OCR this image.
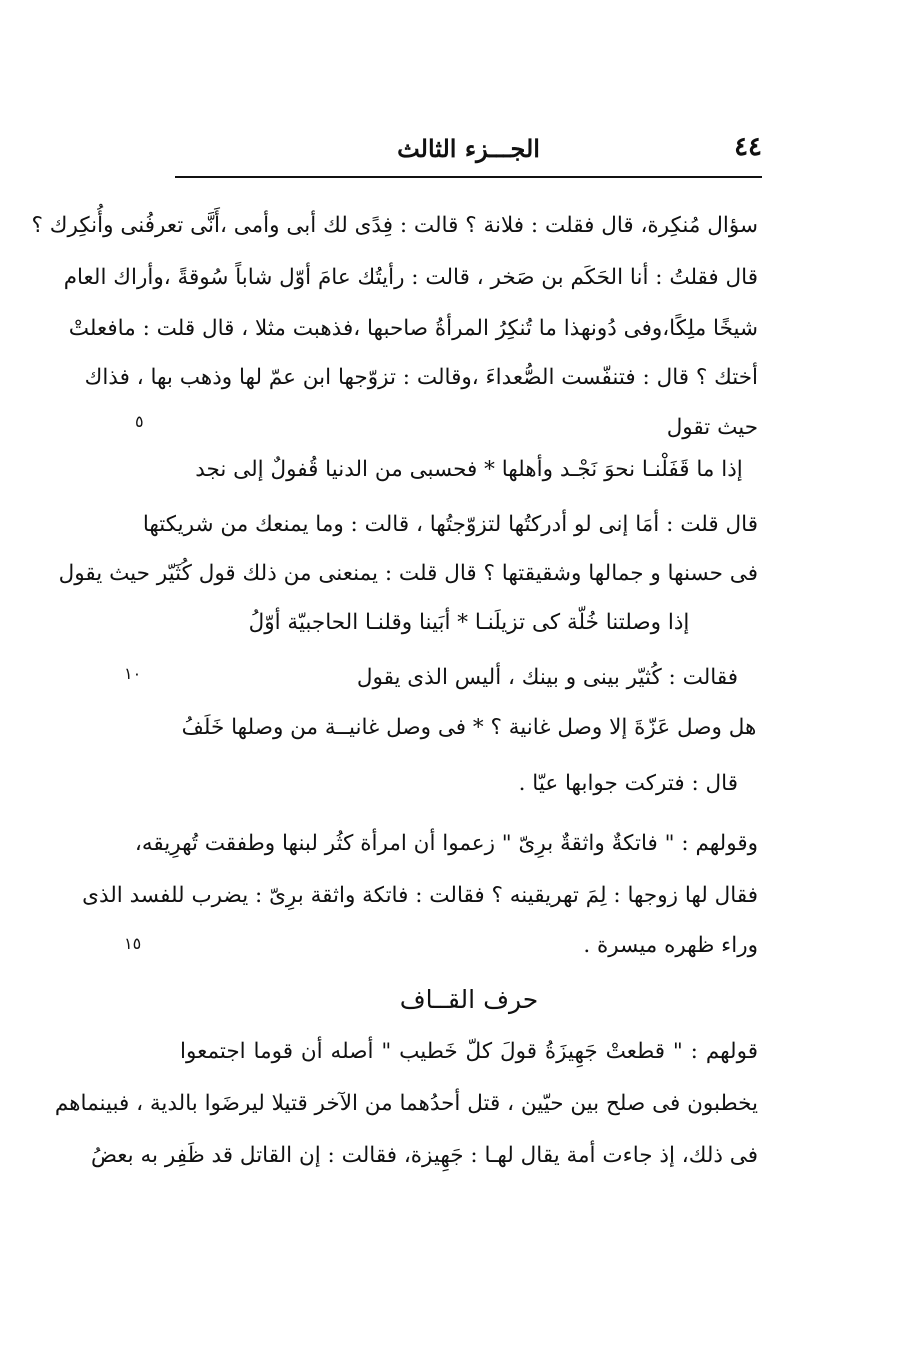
٤٤
الجـــزء الثالث
سؤال مُنكِرة، قال فقلت : فلانة ؟ قالت : فِدًى لك أبى وأمى ،أَنَّى تعرفُنى وأُنكِرك ؟
قال فقلتُ : أنا الحَكَم بن صَخر ، قالت : رأيتُك عامَ أوّل شاباً سُوقةً ،وأراك العام
شيخًا ملِكًا،وفى دُونهذا ما تُنكِرُ المرأةُ صاحبها ،فذهبت مثلا ، قال قلت : مافعلتْ
أختك ؟ قال : فتنفّست الصُّعداءَ ،وقالت : تزوّجها ابن عمّ لها وذهب بها ، فذاك
حيث تقول
إذا ما قَفَلْنـا نحوَ نَجْـد وأهلها * فحسبى من الدنيا قُفولٌ إلى نجد
قال قلت : أمَا إنى لو أدركتُها لتزوّجتُها ، قالت : وما يمنعك من شريكتها
فى حسنها و جمالها وشقيقتها ؟ قال قلت : يمنعنى من ذلك قول كُثَيّر حيث يقول
إذا وصلتنا خُلّة كى تزيلَنـا * أبَينا وقلنـا الحاجبيّة أوّلُ
فقالت : كُثيّر بينى و بينك ، أليس الذى يقول
هل وصل عَزّةَ إلا وصل غانية ؟ * فى وصل غانيــة من وصلها خَلَفُ
قال : فتركت جوابها عيّا .
وقولهم : " فاتكةٌ واثقةٌ برِىّ " زعموا أن امرأة كثُر لبنها وطفقت تُهرِيقه،
فقال لها زوجها : لِمَ تهريقينه ؟ فقالت : فاتكة واثقة برِىّ : يضرب للفسد الذى
وراء ظهره ميسرة .
حرف القــاف
قولهم : " قطعتْ جَهِيزَةُ قولَ كلّ خَطيب " أصله أن قوما اجتمعوا
يخطبون فى صلح بين حيّين ، قتل أحدُهما من الآخر قتيلا ليرضَوا بالدية ، فبينماهم
فى ذلك، إذ جاءت أمة يقال لهـا : جَهِيزة، فقالت : إن القاتل قد ظَفِر به بعضُ
٥
١٠
١٥
